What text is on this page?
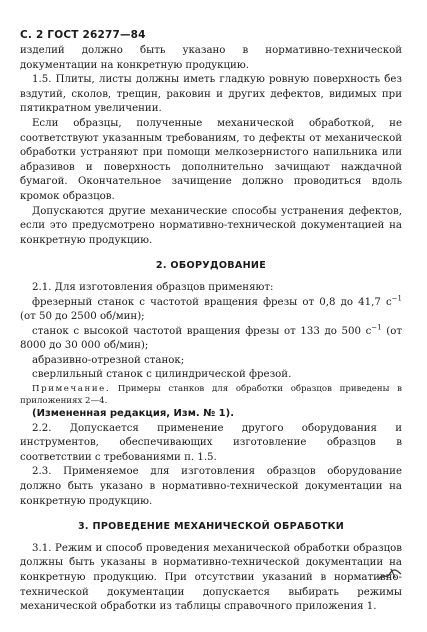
С. 2 ГОСТ 26277—84

изделий должно быть указано в нормативно-технической документации на конкретную продукцию.

1.5. Плиты, листы должны иметь гладкую ровную поверхность без вздутий, сколов, трещин, раковин и других дефектов, видимых при пятикратном увеличении.

Если образцы, полученные механической обработкой, не соответствуют указанным требованиям, то дефекты от механической обработки устраняют при помощи мелкозернистого напильника или абразивов и поверхность дополнительно зачищают наждачной бумагой. Окончательное зачищение должно проводиться вдоль кромок образцов.

Допускаются другие механические способы устранения дефектов, если это предусмотрено нормативно-технической документацией на конкретную продукцию.

2. ОБОРУДОВАНИЕ

2.1. Для изготовления образцов применяют:

фрезерный станок с частотой вращения фрезы от 0,8 до 41,7 $с^{-1}$ (от 50 до 2500 об/мин);

станок с высокой частотой вращения фрезы от 133 до 500 $с^{-1}$ (от 8000 до 30 000 об/мин);

абразивно-отрезной станок;

сверлильный станок с цилиндрической фрезой.

Примечание. Примеры станков для обработки образцов приведены в приложениях 2—4.

(Измененная редакция, Изм. № 1).

2.2. Допускается применение другого оборудования и инструментов, обеспечивающих изготовление образцов в соответствии с требованиями п. 1.5.

2.3. Применяемое для изготовления образцов оборудование должно быть указано в нормативно-технической документации на конкретную продукцию.

3. ПРОВЕДЕНИЕ МЕХАНИЧЕСКОЙ ОБРАБОТКИ

3.1. Режим и способ проведения механической обработки образцов должны быть указаны в нормативно-технической документации на конкретную продукцию. При отсутствии указаний в нормативно-технической документации допускается выбирать режимы механической обработки из таблицы справочного приложения 1.
